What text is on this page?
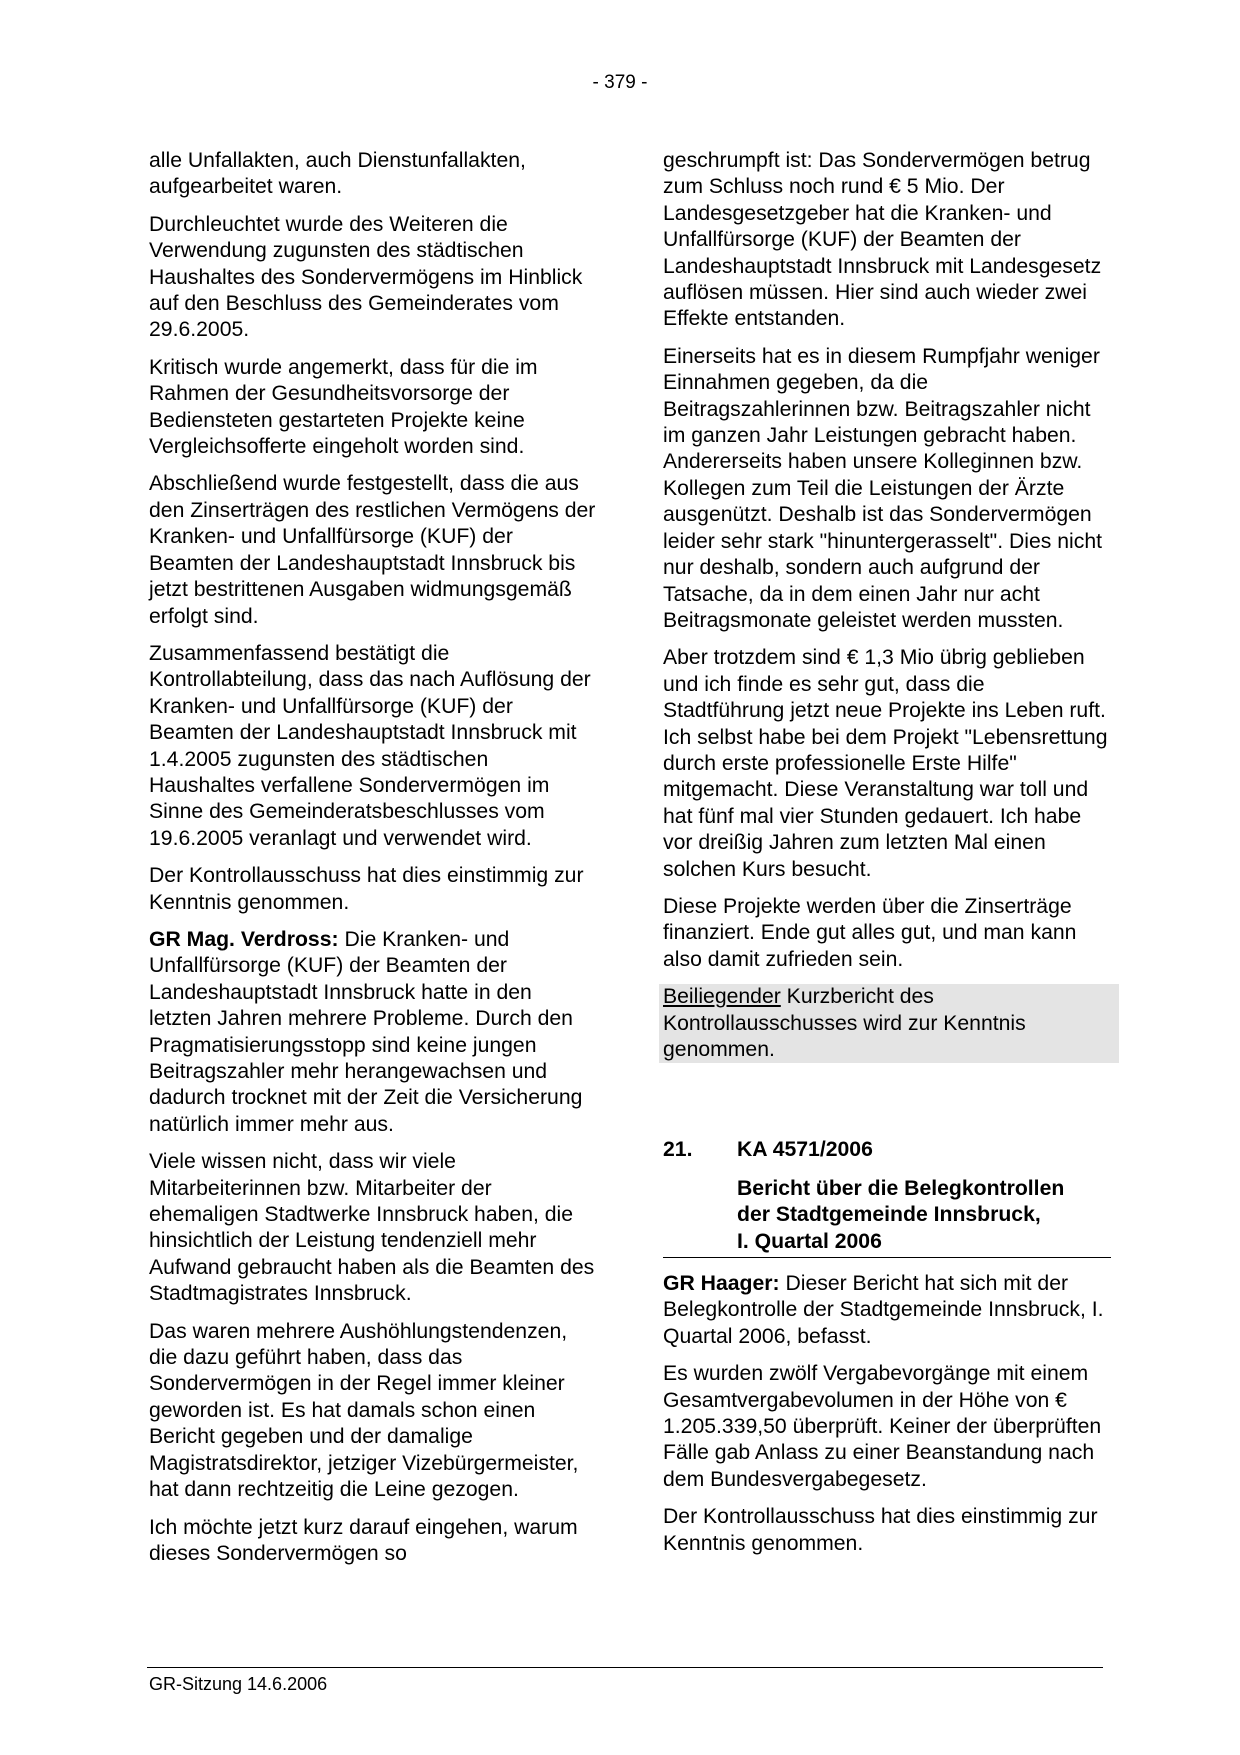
- 379 -

alle Unfallakten, auch Dienstunfallakten, aufgearbeitet waren.

Durchleuchtet wurde des Weiteren die Verwendung zugunsten des städtischen Haushaltes des Sondervermögens im Hinblick auf den Beschluss des Gemeinderates vom 29.6.2005.

Kritisch wurde angemerkt, dass für die im Rahmen der Gesundheitsvorsorge der Bediensteten gestarteten Projekte keine Vergleichsofferte eingeholt worden sind.

Abschließend wurde festgestellt, dass die aus den Zinserträgen des restlichen Vermögens der Kranken- und Unfallfürsorge (KUF) der Beamten der Landeshauptstadt Innsbruck bis jetzt bestrittenen Ausgaben widmungsgemäß erfolgt sind.

Zusammenfassend bestätigt die Kontrollabteilung, dass das nach Auflösung der Kranken- und Unfallfürsorge (KUF) der Beamten der Landeshauptstadt Innsbruck mit 1.4.2005 zugunsten des städtischen Haushaltes verfallene Sondervermögen im Sinne des Gemeinderatsbeschlusses vom 19.6.2005 veranlagt und verwendet wird.

Der Kontrollausschuss hat dies einstimmig zur Kenntnis genommen.

GR Mag. Verdross: Die Kranken- und Unfallfürsorge (KUF) der Beamten der Landeshauptstadt Innsbruck hatte in den letzten Jahren mehrere Probleme. Durch den Pragmatisierungsstopp sind keine jungen Beitragszahler mehr herangewachsen und dadurch trocknet mit der Zeit die Versicherung natürlich immer mehr aus.

Viele wissen nicht, dass wir viele Mitarbeiterinnen bzw. Mitarbeiter der ehemaligen Stadtwerke Innsbruck haben, die hinsichtlich der Leistung tendenziell mehr Aufwand gebraucht haben als die Beamten des Stadtmagistrates Innsbruck.

Das waren mehrere Aushöhlungstendenzen, die dazu geführt haben, dass das Sondervermögen in der Regel immer kleiner geworden ist. Es hat damals schon einen Bericht gegeben und der damalige Magistratsdirektor, jetziger Vizebürgermeister, hat dann rechtzeitig die Leine gezogen.

Ich möchte jetzt kurz darauf eingehen, warum dieses Sondervermögen so

geschrumpft ist: Das Sondervermögen betrug zum Schluss noch rund € 5 Mio. Der Landesgesetzgeber hat die Kranken- und Unfallfürsorge (KUF) der Beamten der Landeshauptstadt Innsbruck mit Landesgesetz auflösen müssen. Hier sind auch wieder zwei Effekte entstanden.

Einerseits hat es in diesem Rumpfjahr weniger Einnahmen gegeben, da die Beitragszahlerinnen bzw. Beitragszahler nicht im ganzen Jahr Leistungen gebracht haben. Andererseits haben unsere Kolleginnen bzw. Kollegen zum Teil die Leistungen der Ärzte ausgenützt. Deshalb ist das Sondervermögen leider sehr stark "hinuntergerasselt". Dies nicht nur deshalb, sondern auch aufgrund der Tatsache, da in dem einen Jahr nur acht Beitragsmonate geleistet werden mussten.

Aber trotzdem sind € 1,3 Mio übrig geblieben und ich finde es sehr gut, dass die Stadtführung jetzt neue Projekte ins Leben ruft. Ich selbst habe bei dem Projekt "Lebensrettung durch erste professionelle Erste Hilfe" mitgemacht. Diese Veranstaltung war toll und hat fünf mal vier Stunden gedauert. Ich habe vor dreißig Jahren zum letzten Mal einen solchen Kurs besucht.

Diese Projekte werden über die Zinserträge finanziert. Ende gut alles gut, und man kann also damit zufrieden sein.

Beiliegender Kurzbericht des Kontrollausschusses wird zur Kenntnis genommen.

21.	KA 4571/2006
Bericht über die Belegkontrollen
der Stadtgemeinde Innsbruck,
I. Quartal 2006

GR Haager: Dieser Bericht hat sich mit der Belegkontrolle der Stadtgemeinde Innsbruck, I. Quartal 2006, befasst.

Es wurden zwölf Vergabevorgänge mit einem Gesamtvergabevolumen in der Höhe von € 1.205.339,50 überprüft. Keiner der überprüften Fälle gab Anlass zu einer Beanstandung nach dem Bundesvergabegesetz.

Der Kontrollausschuss hat dies einstimmig zur Kenntnis genommen.

GR-Sitzung 14.6.2006
